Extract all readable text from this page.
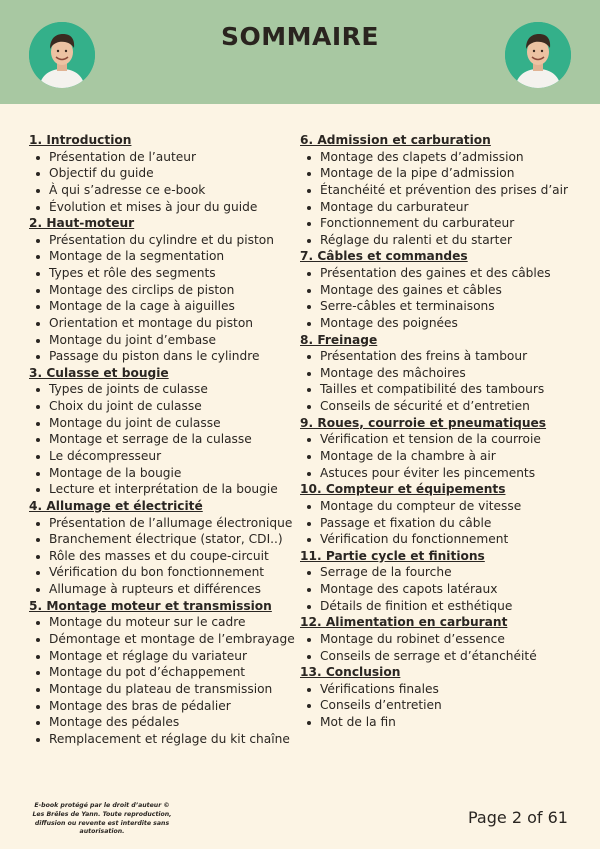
SOMMAIRE
1. Introduction
Présentation de l’auteur
Objectif du guide
À qui s’adresse ce e-book
Évolution et mises à jour du guide
2. Haut-moteur
Présentation du cylindre et du piston
Montage de la segmentation
Types et rôle des segments
Montage des circlips de piston
Montage de la cage à aiguilles
Orientation et montage du piston
Montage du joint d’embase
Passage du piston dans le cylindre
3. Culasse et bougie
Types de joints de culasse
Choix du joint de culasse
Montage du joint de culasse
Montage et serrage de la culasse
Le décompresseur
Montage de la bougie
Lecture et interprétation de la bougie
4. Allumage et électricité
Présentation de l’allumage électronique
Branchement électrique (stator, CDI..)
Rôle des masses et du coupe-circuit
Vérification du bon fonctionnement
Allumage à rupteurs et différences
5. Montage moteur et transmission
Montage du moteur sur le cadre
Démontage et montage de l’embrayage
Montage et réglage du variateur
Montage du pot d’échappement
Montage du plateau de transmission
Montage des bras de pédalier
Montage des pédales
Remplacement et réglage du kit chaîne
6. Admission et carburation
Montage des clapets d’admission
Montage de la pipe d’admission
Étanchéité et prévention des prises d’air
Montage du carburateur
Fonctionnement du carburateur
Réglage du ralenti et du starter
7. Câbles et commandes
Présentation des gaines et des câbles
Montage des gaines et câbles
Serre-câbles et terminaisons
Montage des poignées
8. Freinage
Présentation des freins à tambour
Montage des mâchoires
Tailles et compatibilité des tambours
Conseils de sécurité et d’entretien
9. Roues, courroie et pneumatiques
Vérification et tension de la courroie
Montage de la chambre à air
Astuces pour éviter les pincements
10. Compteur et équipements
Montage du compteur de vitesse
Passage et fixation du câble
Vérification du fonctionnement
11. Partie cycle et finitions
Serrage de la fourche
Montage des capots latéraux
Détails de finition et esthétique
12. Alimentation en carburant
Montage du robinet d’essence
Conseils de serrage et d’étanchéité
13. Conclusion
Vérifications finales
Conseils d’entretien
Mot de la fin
E-book protégé par le droit d’auteur © Les Brêles de Yann. Toute reproduction, diffusion ou revente est interdite sans autorisation.
Page 2 of 61
